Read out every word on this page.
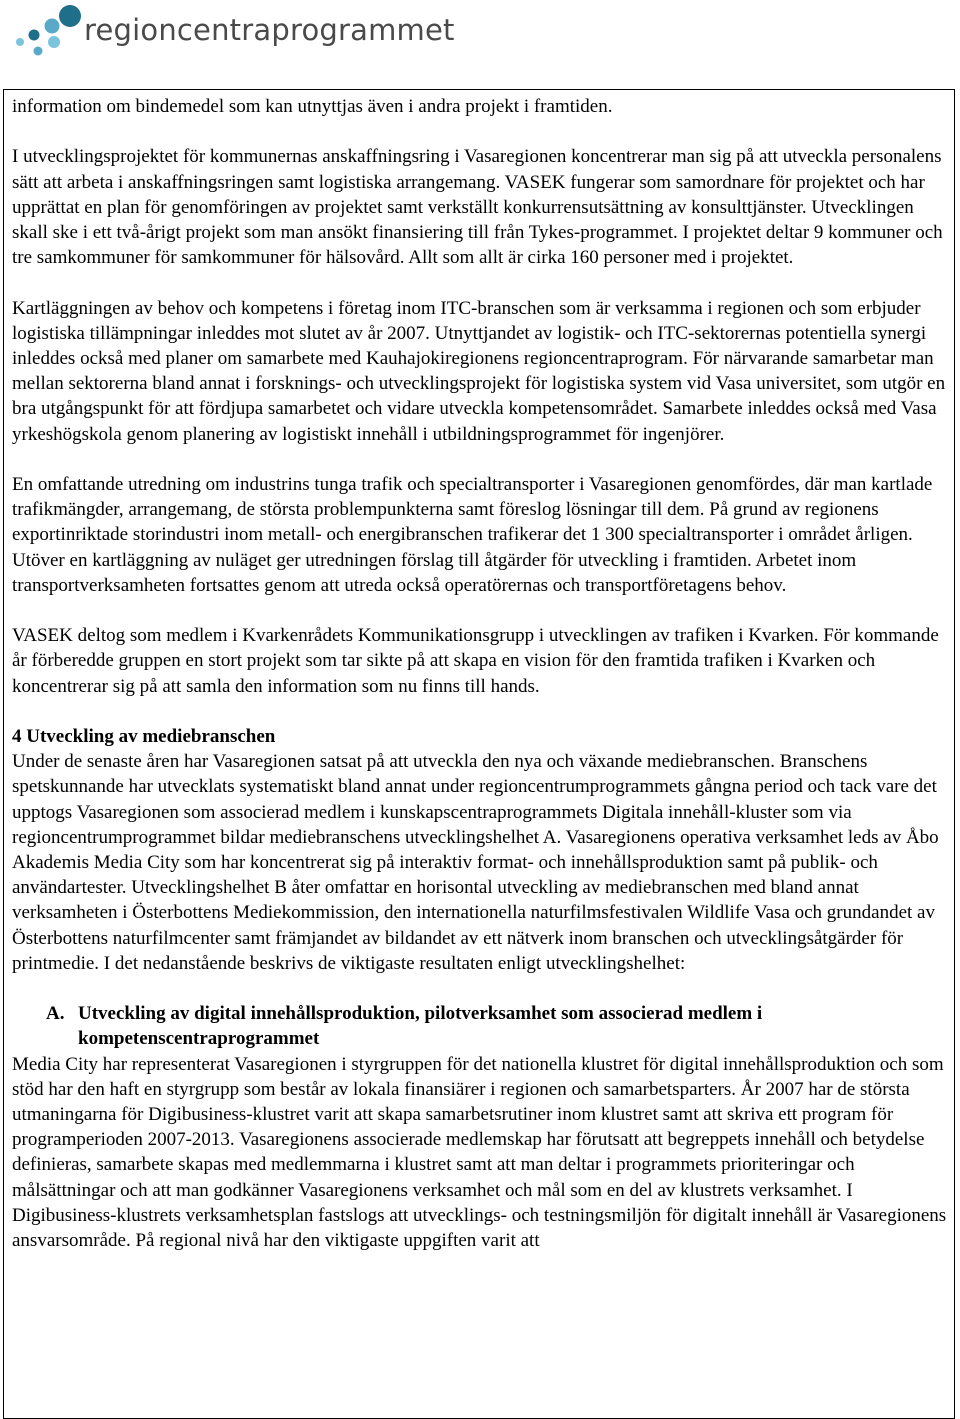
regioncentraprogrammet

information om bindemedel som kan utnyttjas även i andra projekt i framtiden.

I utvecklingsprojektet för kommunernas anskaffningsring i Vasaregionen koncentrerar man sig på att utveckla personalens sätt att arbeta i anskaffningsringen samt logistiska arrangemang. VASEK fungerar som samordnare för projektet och har upprättat en plan för genomföringen av projektet samt verkställt konkurrensutsättning av konsulttjänster. Utvecklingen skall ske i ett två-årigt projekt som man ansökt finansiering till från Tykes-programmet. I projektet deltar 9 kommuner och tre samkommuner för samkommuner för hälsovård. Allt som allt är cirka 160 personer med i projektet.

Kartläggningen av behov och kompetens i företag inom ITC-branschen som är verksamma i regionen och som erbjuder logistiska tillämpningar inleddes mot slutet av år 2007. Utnyttjandet av logistik- och ITC-sektorernas potentiella synergi inleddes också med planer om samarbete med Kauhajokiregionens regioncentraprogram. För närvarande samarbetar man mellan sektorerna bland annat i forsknings- och utvecklingsprojekt för logistiska system vid Vasa universitet, som utgör en bra utgångspunkt för att fördjupa samarbetet och vidare utveckla kompetensområdet. Samarbete inleddes också med Vasa yrkeshögskola genom planering av logistiskt innehåll i utbildningsprogrammet för ingenjörer.

En omfattande utredning om industrins tunga trafik och specialtransporter i Vasaregionen genomfördes, där man kartlade trafikmängder, arrangemang, de största problempunkterna samt föreslog lösningar till dem. På grund av regionens exportinriktade storindustri inom metall- och energibranschen trafikerar det 1 300 specialtransporter i området årligen. Utöver en kartläggning av nuläget ger utredningen förslag till åtgärder för utveckling i framtiden. Arbetet inom transportverksamheten fortsattes genom att utreda också operatörernas och transportföretagens behov.

VASEK deltog som medlem i Kvarkenrådets Kommunikationsgrupp i utvecklingen av trafiken i Kvarken. För kommande år förberedde gruppen en stort projekt som tar sikte på att skapa en vision för den framtida trafiken i Kvarken och koncentrerar sig på att samla den information som nu finns till hands.

4 Utveckling av mediebranschen

Under de senaste åren har Vasaregionen satsat på att utveckla den nya och växande mediebranschen. Branschens spetskunnande har utvecklats systematiskt bland annat under regioncentrumprogrammets gångna period och tack vare det upptogs Vasaregionen som associerad medlem i kunskapscentraprogrammets Digitala innehåll-kluster som via regioncentrumprogrammet bildar mediebranschens utvecklingshelhet A. Vasaregionens operativa verksamhet leds av Åbo Akademis Media City som har koncentrerat sig på interaktiv format- och innehållsproduktion samt på publik- och användartester. Utvecklingshelhet B åter omfattar en horisontal utveckling av mediebranschen med bland annat verksamheten i Österbottens Mediekommission, den internationella naturfilmsfestivalen Wildlife Vasa och grundandet av Österbottens naturfilmcenter samt främjandet av bildandet av ett nätverk inom branschen och utvecklingsåtgärder för printmedie. I det nedanstående beskrivs de viktigaste resultaten enligt utvecklingshelhet:

A. Utveckling av digital innehållsproduktion, pilotverksamhet som associerad medlem i kompetenscentraprogrammet

Media City har representerat Vasaregionen i styrgruppen för det nationella klustret för digital innehållsproduktion och som stöd har den haft en styrgrupp som består av lokala finansiärer i regionen och samarbetsparters. År 2007 har de största utmaningarna för Digibusiness-klustret varit att skapa samarbetsrutiner inom klustret samt att skriva ett program för programperioden 2007-2013. Vasaregionens associerade medlemskap har förutsatt att begreppets innehåll och betydelse definieras, samarbete skapas med medlemmarna i klustret samt att man deltar i programmets prioriteringar och målsättningar och att man godkänner Vasaregionens verksamhet och mål som en del av klustrets verksamhet. I Digibusiness-klustrets verksamhetsplan fastslogs att utvecklings- och testningsmiljön för digitalt innehåll är Vasaregionens ansvarsområde. På regional nivå har den viktigaste uppgiften varit att
